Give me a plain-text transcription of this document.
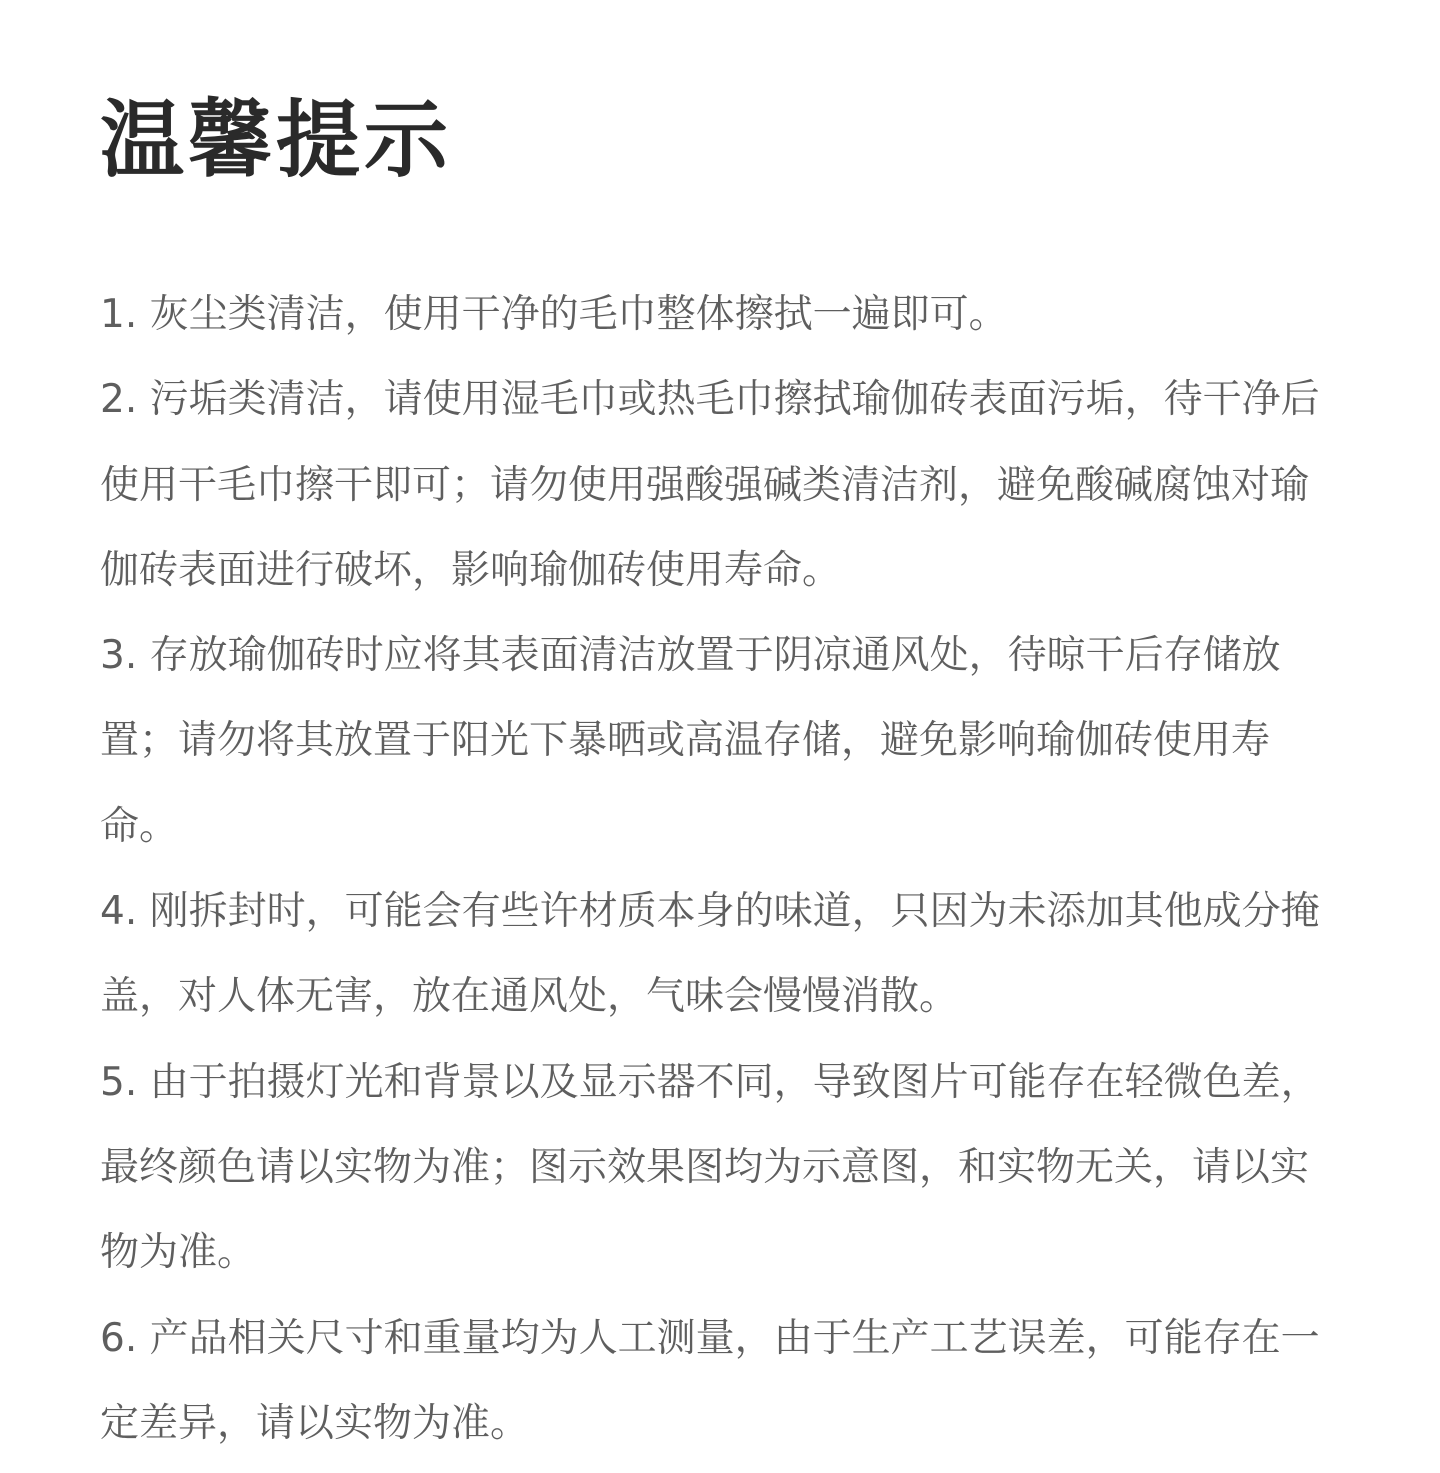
温馨提示
1. 灰尘类清洁，使用干净的毛巾整体擦拭一遍即可。
2. 污垢类清洁，请使用湿毛巾或热毛巾擦拭瑜伽砖表面污垢，待干净后使用干毛巾擦干即可；请勿使用强酸强碱类清洁剂，避免酸碱腐蚀对瑜伽砖表面进行破坏，影响瑜伽砖使用寿命。
3. 存放瑜伽砖时应将其表面清洁放置于阴凉通风处，待晾干后存储放置；请勿将其放置于阳光下暴晒或高温存储，避免影响瑜伽砖使用寿命。
4. 刚拆封时，可能会有些许材质本身的味道，只因为未添加其他成分掩盖，对人体无害，放在通风处，气味会慢慢消散。
5. 由于拍摄灯光和背景以及显示器不同，导致图片可能存在轻微色差，最终颜色请以实物为准；图示效果图均为示意图，和实物无关，请以实物为准。
6. 产品相关尺寸和重量均为人工测量，由于生产工艺误差，可能存在一定差异，请以实物为准。
